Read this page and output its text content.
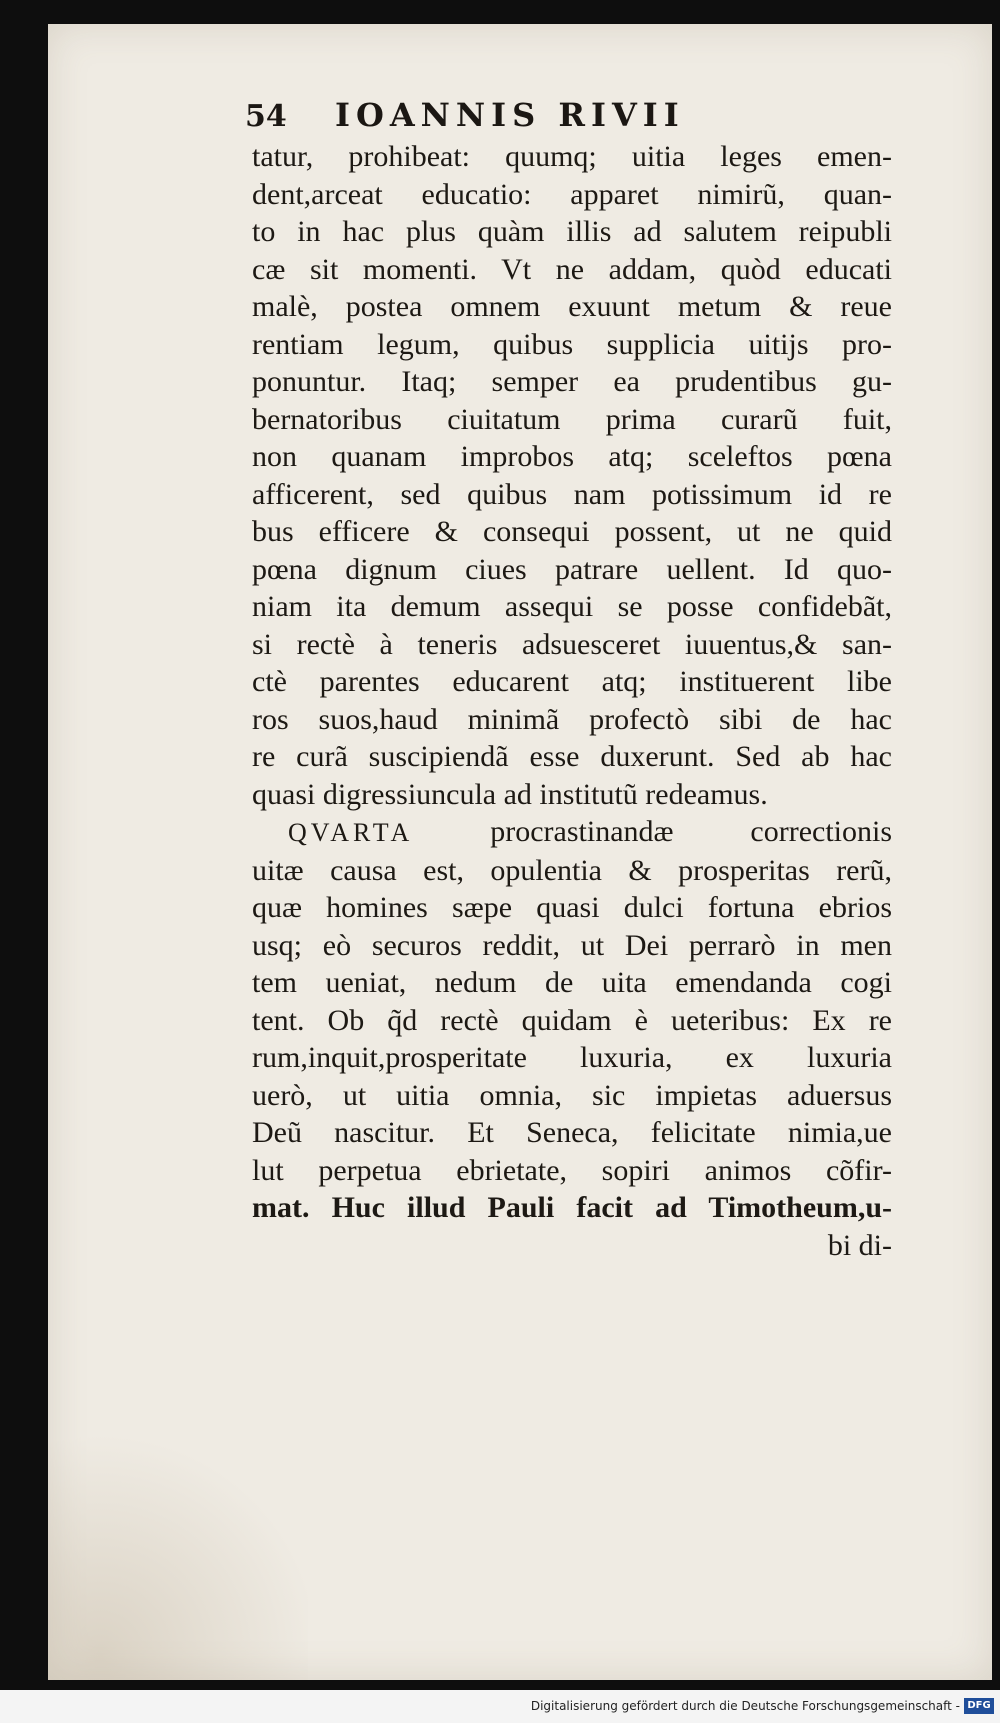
54	IOANNIS RIVII
tatur, prohibeat: quumq; uitia leges emen-
dent,arceat educatio: apparet nimirũ, quan-
to in hac plus quàm illis ad salutem reipubli
cæ sit momenti. Vt ne addam, quòd educati
malè, postea omnem exuunt metum & reue
rentiam legum, quibus supplicia uitijs pro-
ponuntur. Itaq; semper ea prudentibus gu-
bernatoribus ciuitatum prima curarũ fuit,
non quanam improbos atq; sceleftos pœna
afficerent, sed quibus nam potissimum id re
bus efficere & consequi possent, ut ne quid
pœna dignum ciues patrare uellent. Id quo-
niam ita demum assequi se posse confidebãt,
si rectè à teneris adsuesceret iuuentus,& san-
ctè parentes educarent atq; instituerent libe
ros suos,haud minimã profectò sibi de hac
re curã suscipiendã esse duxerunt. Sed ab hac
quasi digressiuncula ad institutũ redeamus.
QVARTA	procrastinandæ correctionis
uitæ causa est, opulentia & prosperitas rerũ,
quæ homines sæpe quasi dulci fortuna ebrios
usq; eò securos reddit, ut Dei perrarò in men
tem ueniat, nedum de uita emendanda cogi
tent. Ob q̃d rectè quidam è ueteribus: Ex re
rum,inquit,prosperitate luxuria, ex luxuria
uerò, ut uitia omnia, sic impietas aduersus
Deũ nascitur. Et Seneca, felicitate nimia,ue
lut perpetua ebrietate, sopiri animos cõfir-
mat. Huc illud Pauli facit ad Timotheum,u-
bi di-
Digitalisierung gefördert durch die Deutsche Forschungsgemeinschaft - DFG
